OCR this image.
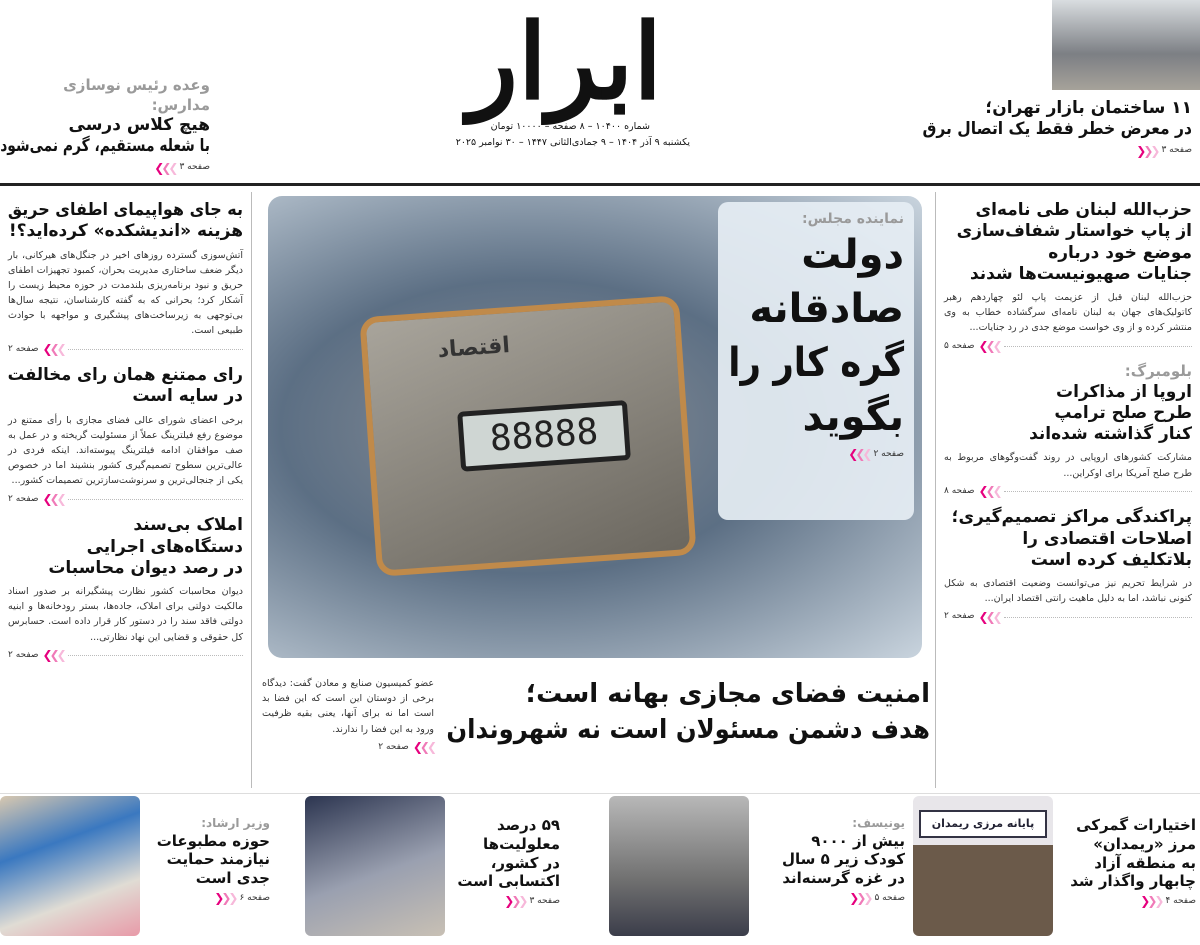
ابرار
شماره ۱۰۴۰۰ – ۸ صفحه – ۱۰۰۰۰ تومان
یکشنبه ۹ آذر ۱۴۰۴ – ۹ جمادی‌الثانی ۱۴۴۷ – ۳۰ نوامبر ۲۰۲۵
وعده رئیس نوسازی مدارس:
هیچ کلاس درسی
با شعله مستقیم، گرم نمی‌شود
❮❮❮ صفحه ۳
۱۱ ساختمان بازار تهران؛
در معرض خطر فقط یک اتصال برق
صفحه ۳
❯❯❯
به جای هواپیمای اطفای حریق
هزینه «اندیشکده» کرده‌اید؟!
آتش‌سوزی گسترده روزهای اخیر در جنگل‌های هیرکانی، بار دیگر ضعف ساختاری مدیریت بحران، کمبود تجهیزات اطفای حریق و نبود برنامه‌ریزی بلندمدت در حوزه محیط زیست را آشکار کرد؛ بحرانی که به گفته کارشناسان، نتیجه سال‌ها بی‌توجهی به زیرساخت‌های پیشگیری و مواجهه با حوادث طبیعی است.
❮❮❮
صفحه ۲
رای ممتنع همان رای مخالفت
در سایه است
برخی اعضای شورای عالی فضای مجازی با رأی ممتنع در موضوع رفع فیلترینگ عملاً از مسئولیت گریخته و در عمل به صف موافقان ادامه فیلترینگ پیوسته‌اند. اینکه فردی در عالی‌ترین سطوح تصمیم‌گیری کشور بنشیند اما در خصوص یکی از جنجالی‌ترین و سرنوشت‌سازترین تصمیمات کشور...
❮❮❮
صفحه ۲
املاک بی‌سند
دستگاه‌های اجرایی
در رصد دیوان محاسبات
دیوان محاسبات کشور نظارت پیشگیرانه بر صدور اسناد مالکیت دولتی برای املاک، جاده‌ها، بستر رودخانه‌ها و ابنیه دولتی فاقد سند را در دستور کار قرار داده است. حسابرس کل حقوقی و قضایی این نهاد نظارتی...
❮❮❮
صفحه ۲
حزب‌الله لبنان طی نامه‌ای
از پاپ خواستار شفاف‌سازی
موضع خود درباره
جنایات صهیونیست‌ها شدند
حزب‌الله لبنان قبل از عزیمت پاپ لئو چهاردهم رهبر کاتولیک‌های جهان به لبنان نامه‌ای سرگشاده خطاب به وی منتشر کرده و از وی خواست موضع جدی در رد جنایات...
❮❮❮
صفحه ۵
بلومبرگ:
اروپا از مذاکرات
طرح صلح ترامپ
کنار گذاشته شده‌اند
مشارکت کشورهای اروپایی در روند گفت‌وگوهای مربوط به طرح صلح آمریکا برای اوکراین...
❮❮❮
صفحه ۸
پراکندگی مراکز تصمیم‌گیری؛
اصلاحات اقتصادی را
بلاتکلیف کرده است
در شرایط تحریم نیز می‌توانست وضعیت اقتصادی به شکل کنونی نباشد، اما به دلیل ماهیت رانتی اقتصاد ایران...
❮❮❮
صفحه ۲
اقتصاد
88888
نماینده مجلس:
دولت
صادقانه
گره کار را
بگوید
❮❮❮ صفحه ۲
امنیت فضای مجازی بهانه است؛
هدف دشمن مسئولان است نه شهروندان
عضو کمیسیون صنایع و معادن گفت: دیدگاه برخی از دوستان این است که این فضا بد است اما نه برای آنها، یعنی بقیه ظرفیت ورود به این فضا را ندارند.
❮❮❮
صفحه ۲
پایانه مرزی ریمدان	اختیارات گمرکی
مرز «ریمدان»
به منطقه آزاد
چابهار واگذار شد
صفحه ۴
❯❯❯
یونیسف:
بیش از ۹۰۰۰
کودک زیر ۵ سال
در غزه گرسنه‌اند
صفحه ۵
❯❯❯
۵۹ درصد
معلولیت‌ها
در کشور،
اکتسابی است
صفحه ۳
❯❯❯
وزیر ارشاد:
حوزه مطبوعات
نیازمند حمایت
جدی است
صفحه ۶
❯❯❯
